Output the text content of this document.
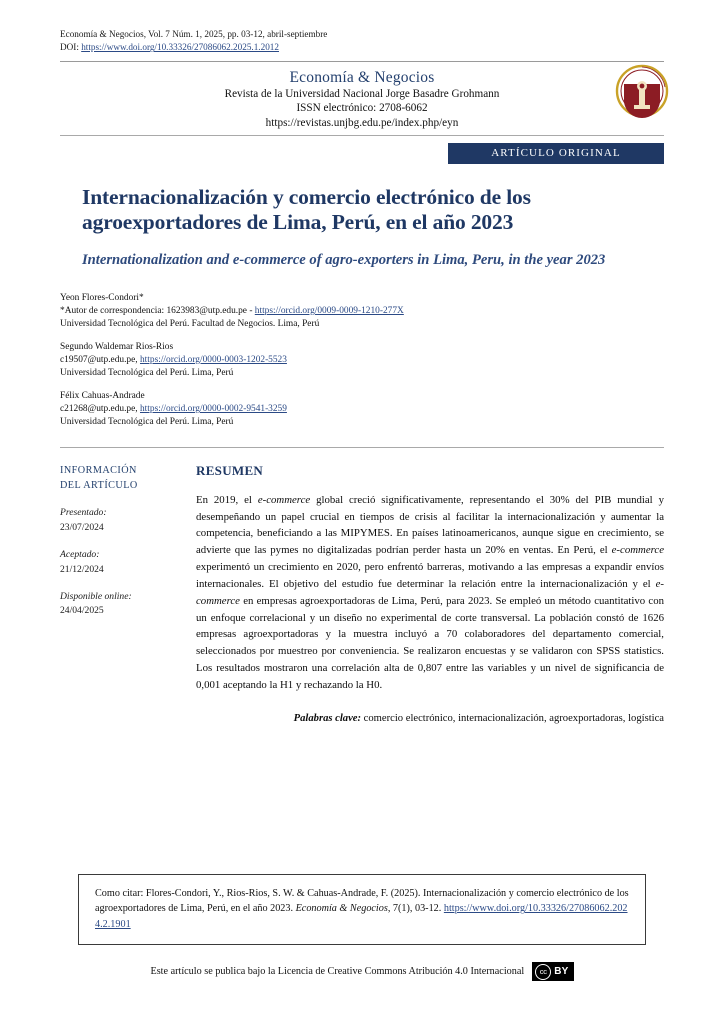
Economía & Negocios, Vol. 7 Núm. 1, 2025, pp. 03-12, abril-septiembre
DOI: https://www.doi.org/10.33326/27086062.2025.1.2012
Economía & Negocios
Revista de la Universidad Nacional Jorge Basadre Grohmann
ISSN electrónico: 2708-6062
https://revistas.unjbg.edu.pe/index.php/eyn
ARTÍCULO ORIGINAL
Internacionalización y comercio electrónico de los agroexportadores de Lima, Perú, en el año 2023
Internationalization and e-commerce of agro-exporters in Lima, Peru, in the year 2023
Yeon Flores-Condori*
*Autor de correspondencia: 1623983@utp.edu.pe - https://orcid.org/0009-0009-1210-277X
Universidad Tecnológica del Perú. Facultad de Negocios. Lima, Perú
Segundo Waldemar Rios-Rios
c19507@utp.edu.pe, https://orcid.org/0000-0003-1202-5523
Universidad Tecnológica del Perú. Lima, Perú
Félix Cahuas-Andrade
c21268@utp.edu.pe, https://orcid.org/0000-0002-9541-3259
Universidad Tecnológica del Perú. Lima, Perú
INFORMACIÓN
DEL ARTÍCULO
Presentado:
23/07/2024
Aceptado:
21/12/2024
Disponible online:
24/04/2025
RESUMEN

En 2019, el e-commerce global creció significativamente, representando el 30% del PIB mundial y desempeñando un papel crucial en tiempos de crisis al facilitar la internacionalización y aumentar la competencia, beneficiando a las MIPYMES. En países latinoamericanos, aunque sigue en crecimiento, se advierte que las pymes no digitalizadas podrían perder hasta un 20% en ventas. En Perú, el e-commerce experimentó un crecimiento en 2020, pero enfrentó barreras, motivando a las empresas a expandir envíos internacionales. El objetivo del estudio fue determinar la relación entre la internacionalización y el e-commerce en empresas agroexportadoras de Lima, Perú, para 2023. Se empleó un método cuantitativo con un enfoque correlacional y un diseño no experimental de corte transversal. La población constó de 1626 empresas agroexportadoras y la muestra incluyó a 70 colaboradores del departamento comercial, seleccionados por muestreo por conveniencia. Se realizaron encuestas y se validaron con SPSS statistics. Los resultados mostraron una correlación alta de 0,807 entre las variables y un nivel de significancia de 0,001 aceptando la H1 y rechazando la H0.

Palabras clave: comercio electrónico, internacionalización, agroexportadoras, logística
Como citar: Flores-Condori, Y., Rios-Rios, S. W. & Cahuas-Andrade, F. (2025). Internacionalización y comercio electrónico de los agroexportadores de Lima, Perú, en el año 2023. Economía & Negocios, 7(1), 03-12. https://www.doi.org/10.33326/27086062.2024.2.1901
Este artículo se publica bajo la Licencia de Creative Commons Atribución 4.0 Internacional	cc BY
